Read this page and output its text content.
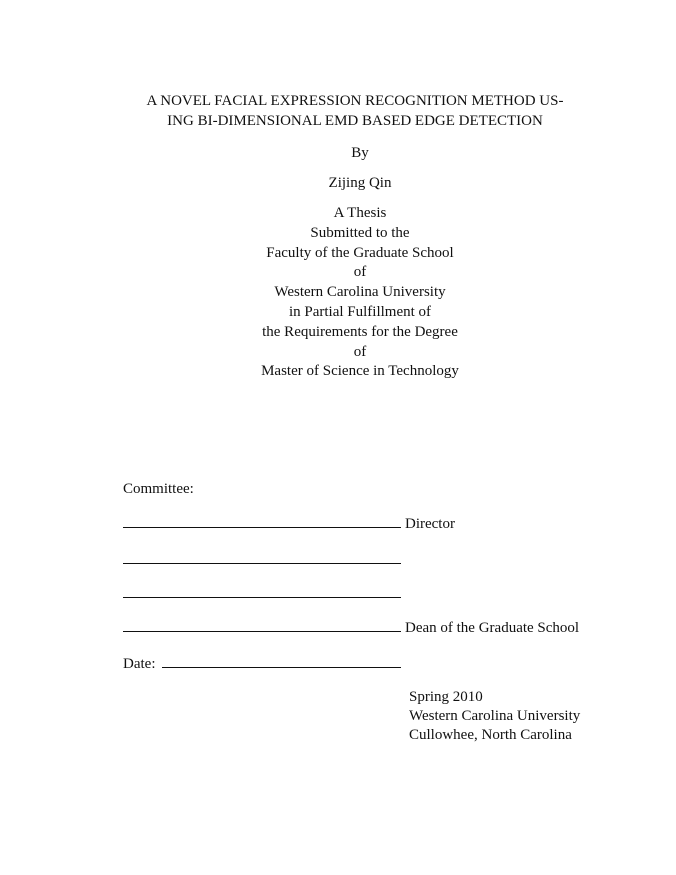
A NOVEL FACIAL EXPRESSION RECOGNITION METHOD US-
ING BI-DIMENSIONAL EMD BASED EDGE DETECTION
By
Zijing Qin
A Thesis
Submitted to the
Faculty of the Graduate School
of
Western Carolina University
in Partial Fulfillment of
the Requirements for the Degree
of
Master of Science in Technology
Committee:
Director
Dean of the Graduate School
Date:
Spring 2010
Western Carolina University
Cullowhee, North Carolina
